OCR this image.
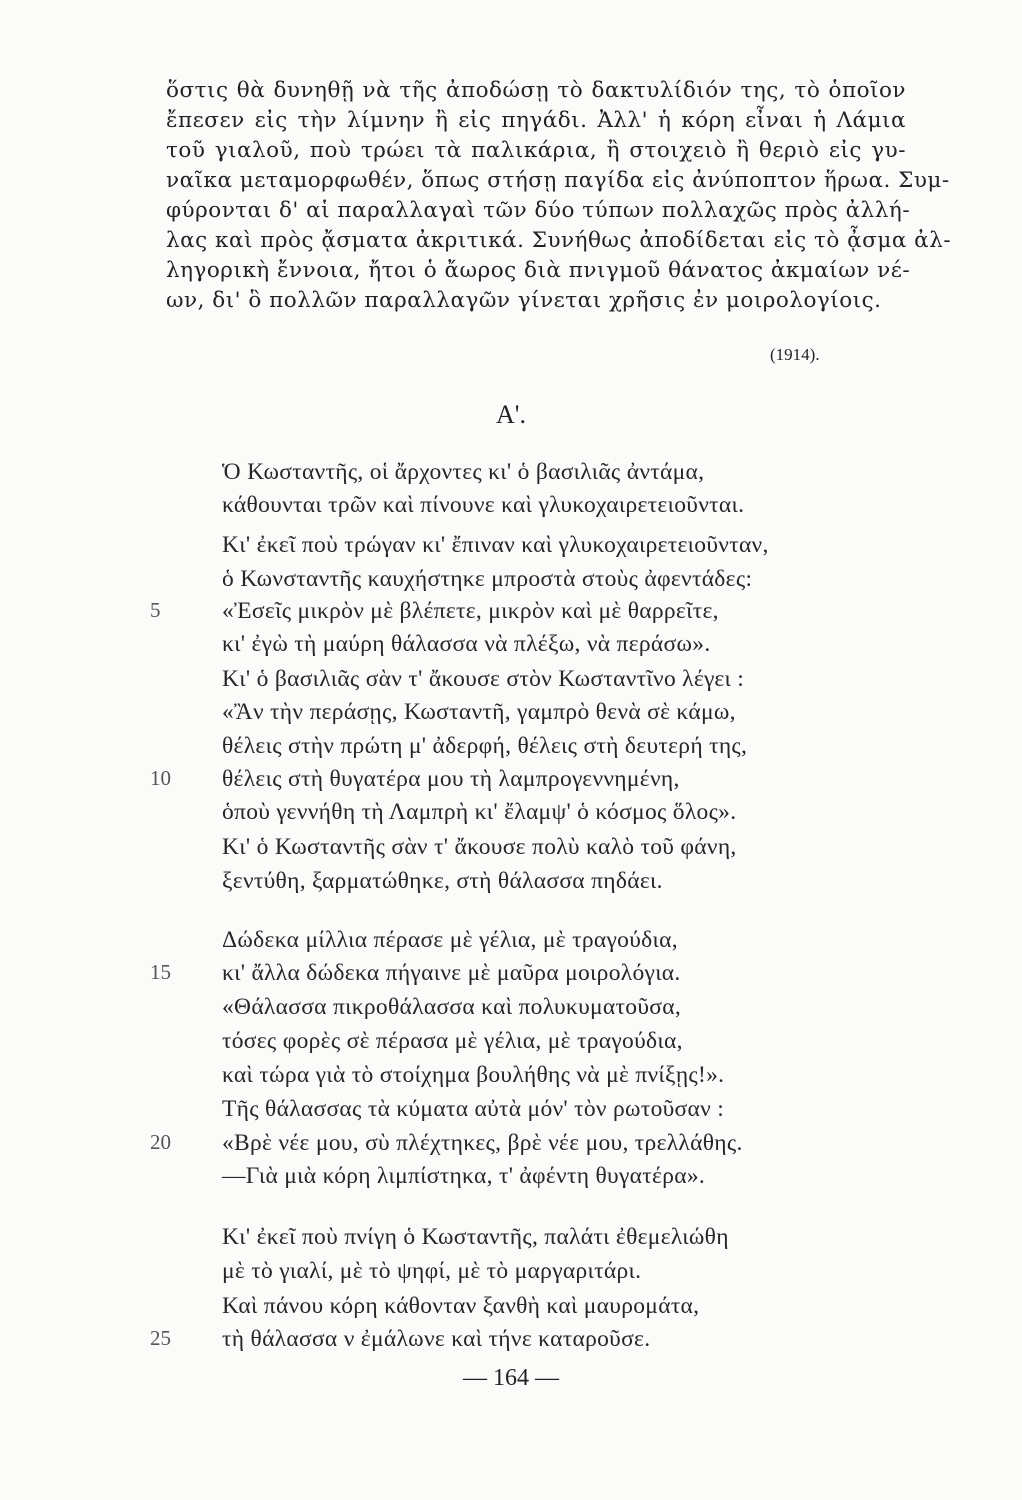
ὅστις θὰ δυνηθῇ νὰ τῆς ἀποδώσῃ τὸ δακτυλίδιόν της, τὸ ὁποῖον
ἔπεσεν εἰς τὴν λίμνην ἢ εἰς πηγάδι. Ἀλλ' ἡ κόρη εἶναι ἡ Λάμια
τοῦ γιαλοῦ, ποὺ τρώει τὰ παλικάρια, ἢ στοιχειὸ ἢ θεριὸ εἰς γυ-
ναῖκα μεταμορφωθέν, ὅπως στήσῃ παγίδα εἰς ἀνύποπτον ἥρωα. Συμ-
φύρονται δ' αἱ παραλλαγαὶ τῶν δύο τύπων πολλαχῶς πρὸς ἀλλή-
λας καὶ πρὸς ᾄσματα ἀκριτικά. Συνήθως ἀποδίδεται εἰς τὸ ᾆσμα ἀλ-
ληγορικὴ ἔννοια, ἤτοι ὁ ἄωρος διὰ πνιγμοῦ θάνατος ἀκμαίων νέ-
ων, δι' ὃ πολλῶν παραλλαγῶν γίνεται χρῆσις ἐν μοιρολογίοις.
(1914).
Α'.
Ὁ Κωσταντῆς, οἱ ἄρχοντες κι' ὁ βασιλιᾶς ἀντάμα,
κάθουνται τρῶν καὶ πίνουνε καὶ γλυκοχαιρετειοῦνται.
Κι' ἐκεῖ ποὺ τρώγαν κι' ἔπιναν καὶ γλυκοχαιρετειοῦνταν,
ὁ Κωνσταντῆς καυχήστηκε μπροστὰ στοὺς ἀφεντάδες:
5	«Ἐσεῖς μικρὸν μὲ βλέπετε, μικρὸν καὶ μὲ θαρρεῖτε,
κι' ἐγὼ τὴ μαύρη θάλασσα νὰ πλέξω, νὰ περάσω».
Κι' ὁ βασιλιᾶς σὰν τ' ἄκουσε στὸν Κωσταντῖνο λέγει :
«Ἂν τὴν περάσῃς, Κωσταντῆ, γαμπρὸ θενὰ σὲ κάμω,
θέλεις στὴν πρώτη μ' ἀδερφή, θέλεις στὴ δευτερή της,
10	θέλεις στὴ θυγατέρα μου τὴ λαμπρογεννημένη,
ὁποὺ γεννήθη τὴ Λαμπρὴ κι' ἔλαμψ' ὁ κόσμος ὅλος».
Κι' ὁ Κωσταντῆς σὰν τ' ἄκουσε πολὺ καλὸ τοῦ φάνη,
ξεντύθη, ξαρματώθηκε, στὴ θάλασσα πηδάει.
Δώδεκα μίλλια πέρασε μὲ γέλια, μὲ τραγούδια,
15	κι' ἄλλα δώδεκα πήγαινε μὲ μαῦρα μοιρολόγια.
«Θάλασσα πικροθάλασσα καὶ πολυκυματοῦσα,
τόσες φορὲς σὲ πέρασα μὲ γέλια, μὲ τραγούδια,
καὶ τώρα γιὰ τὸ στοίχημα βουλήθης νὰ μὲ πνίξῃς!».
Τῆς θάλασσας τὰ κύματα αὐτὰ μόν' τὸν ρωτοῦσαν :
20	«Βρὲ νέε μου, σὺ πλέχτηκες, βρὲ νέε μου, τρελλάθης.
—Γιὰ μιὰ κόρη λιμπίστηκα, τ' ἀφέντη θυγατέρα».
Κι' ἐκεῖ ποὺ πνίγη ὁ Κωσταντῆς, παλάτι ἐθεμελιώθη
μὲ τὸ γιαλί, μὲ τὸ ψηφί, μὲ τὸ μαργαριτάρι.
Καὶ πάνου κόρη κάθονταν ξανθὴ καὶ μαυρομάτα,
25	τὴ θάλασσα ν ἐμάλωνε καὶ τήνε καταροῦσε.
— 164 —
